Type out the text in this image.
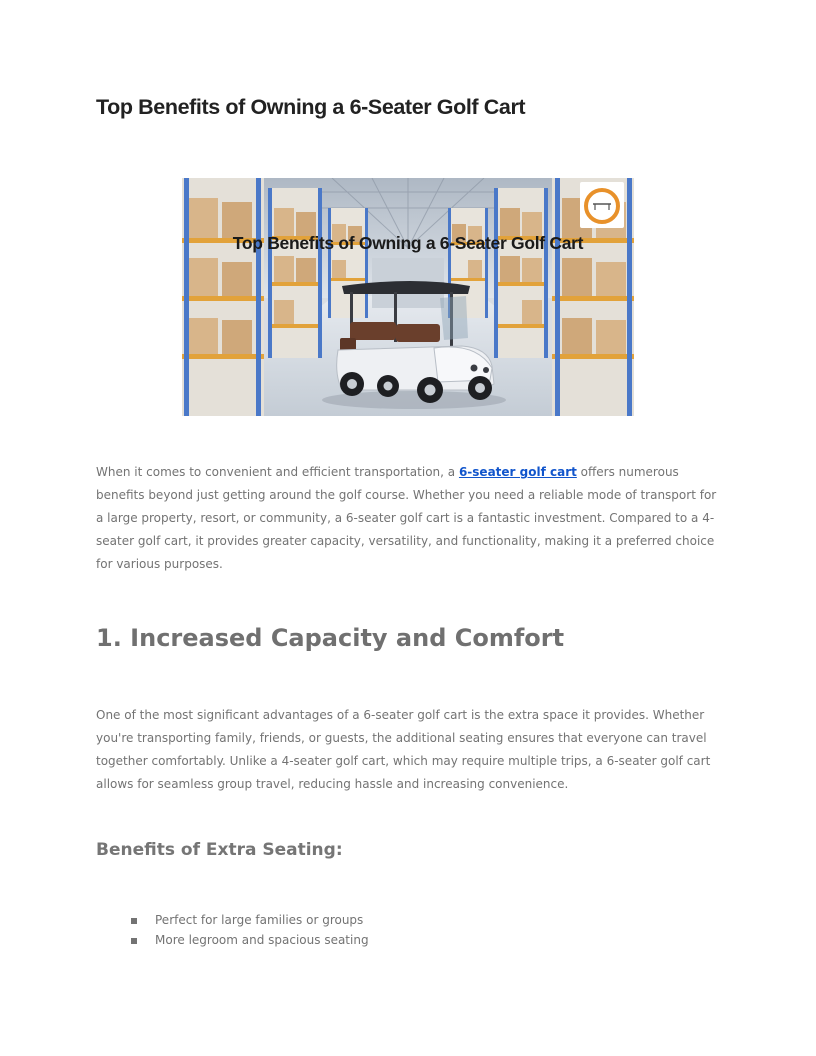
Top Benefits of Owning a 6-Seater Golf Cart
Top Benefits of Owning a 6-Seater Golf Cart

When it comes to convenient and efficient transportation, a 6-seater golf cart offers numerous benefits beyond just getting around the golf course. Whether you need a reliable mode of transport for a large property, resort, or community, a 6-seater golf cart is a fantastic investment. Compared to a 4-seater golf cart, it provides greater capacity, versatility, and functionality, making it a preferred choice for various purposes.

1. Increased Capacity and Comfort

One of the most significant advantages of a 6-seater golf cart is the extra space it provides. Whether you're transporting family, friends, or guests, the additional seating ensures that everyone can travel together comfortably. Unlike a 4-seater golf cart, which may require multiple trips, a 6-seater golf cart allows for seamless group travel, reducing hassle and increasing convenience.

Benefits of Extra Seating:
Perfect for large families or groups
More legroom and spacious seating
